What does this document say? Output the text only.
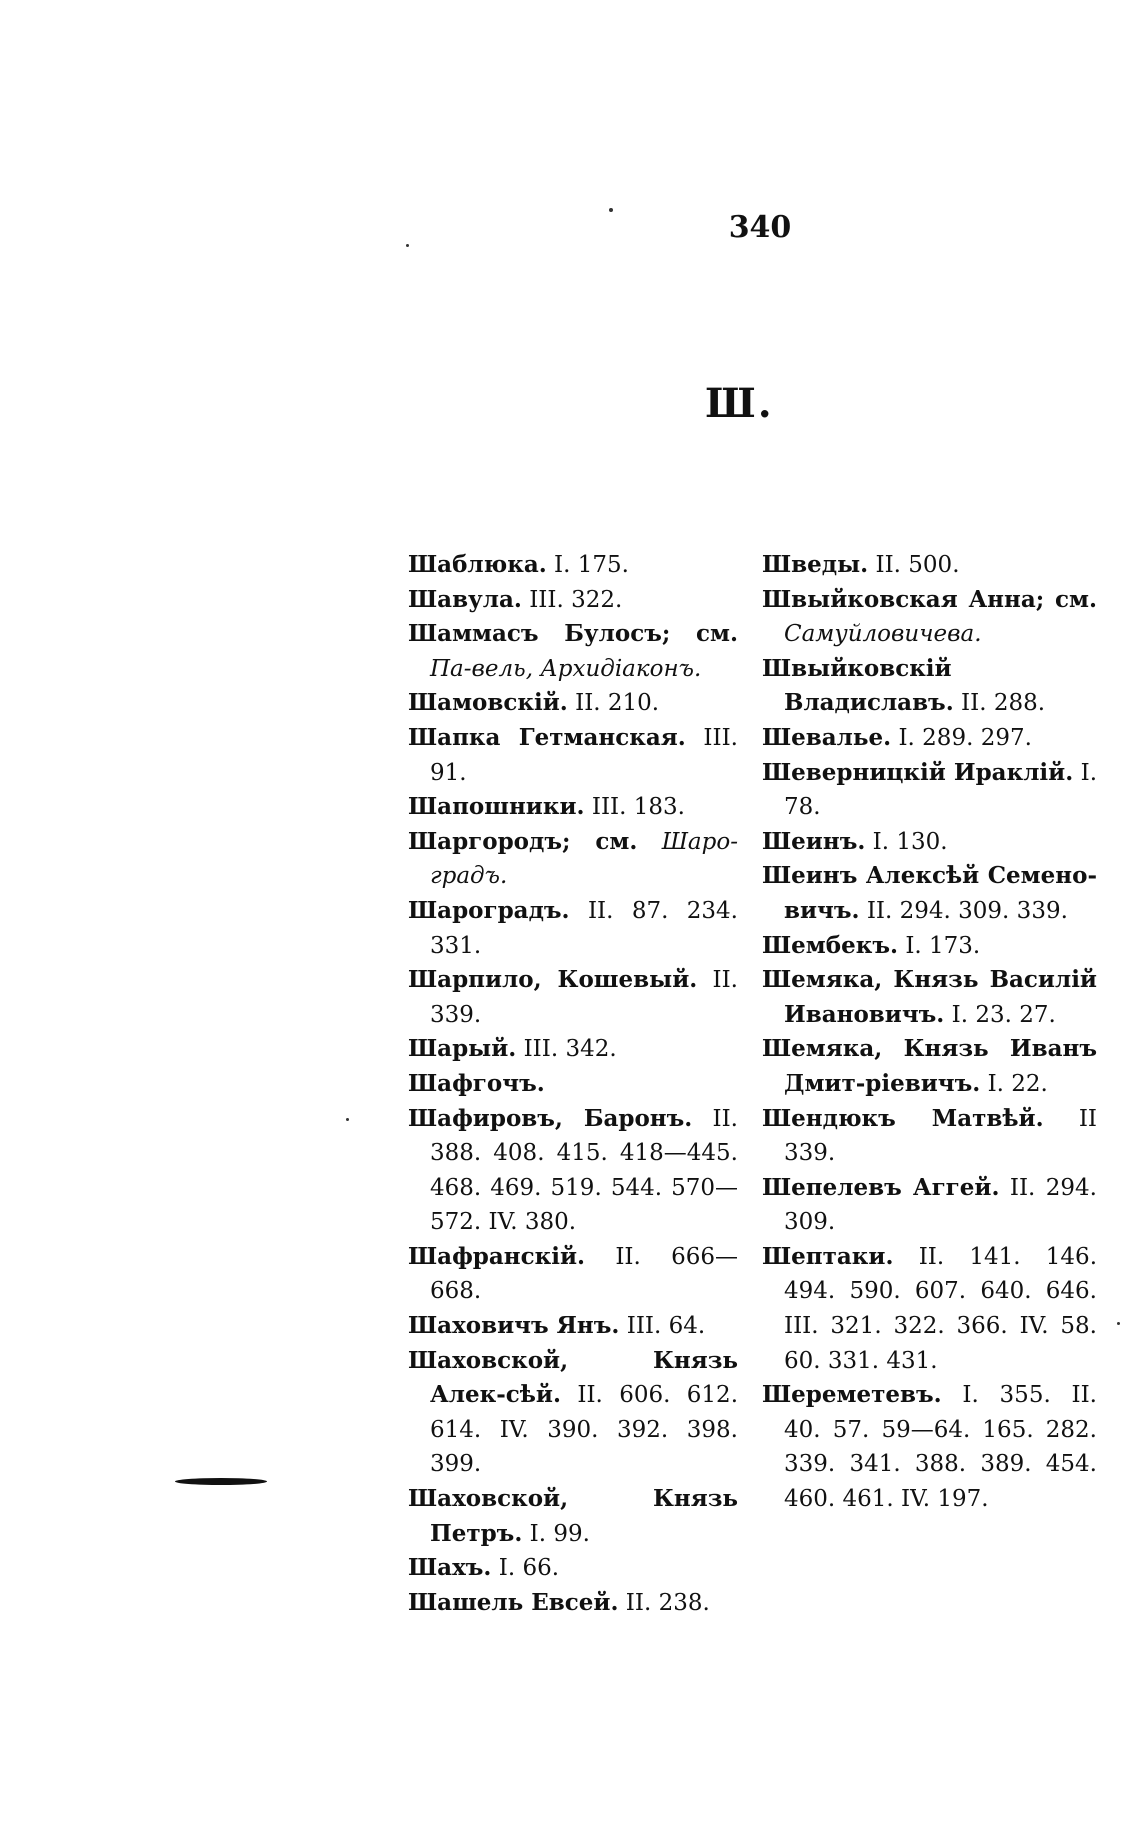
340
Ш.

Шаблюка. I. 175.

Шавула. III. 322.

Шаммасъ Булосъ; см. Па-вель, Архидіаконъ.

Шамовскій. II. 210.

Шапка Гетманская. III. 91.

Шапошники. III. 183.

Шаргородъ; см. Шаро-градъ.

Шароградъ. II. 87. 234. 331.

Шарпило, Кошевый. II. 339.

Шарый. III. 342.

Шафгочъ.

Шафировъ, Баронъ. II. 388. 408. 415. 418—445. 468. 469. 519. 544. 570—572. IV. 380.

Шафранскій. II. 666—668.

Шаховичъ Янъ. III. 64.

Шаховской, Князь Алек-сѣй. II. 606. 612. 614. IV. 390. 392. 398. 399.

Шаховской, Князь Петръ. I. 99.

Шахъ. I. 66.

Шашель Евсей. II. 238.

Шведы. II. 500.

Швыйковская Анна; см. Самуйловичева.

Швыйковскій Владиславъ. II. 288.

Шевалье. I. 289. 297.

Шеверницкій Ираклій. I. 78.

Шеинъ. I. 130.

Шеинъ Алексѣй Семено-вичъ. II. 294. 309. 339.

Шембекъ. I. 173.

Шемяка, Князь Василій Ивановичъ. I. 23. 27.

Шемяка, Князь Иванъ Дмит-ріевичъ. I. 22.

Шендюкъ Матвѣй. II 339.

Шепелевъ Аггей. II. 294. 309.

Шептаки. II. 141. 146. 494. 590. 607. 640. 646. III. 321. 322. 366. IV. 58. 60. 331. 431.

Шереметевъ. I. 355. II. 40. 57. 59—64. 165. 282. 339. 341. 388. 389. 454. 460. 461. IV. 197.
